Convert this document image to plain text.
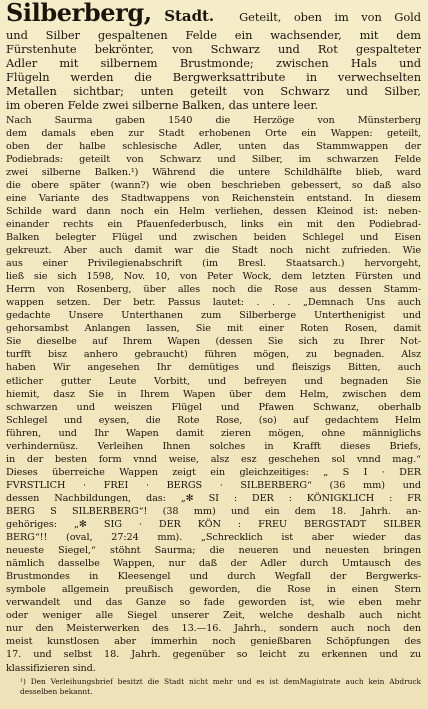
Silberberg, Stadt. Geteilt, oben im von Gold
und Silber gespaltenen Felde ein wachsender, mit dem
Fürstenhute bekrönter, von Schwarz und Rot gespalteter
Adler mit silbernem Brustmonde; zwischen Hals und
Flügeln werden die Bergwerksattribute in verwechselten
Metallen sichtbar; unten geteilt von Schwarz und Silber,
im oberen Felde zwei silberne Balken, das untere leer.
Nach Saurma gaben 1540 die Herzöge von Münsterberg
dem damals eben zur Stadt erhobenen Orte ein Wappen: geteilt,
oben der halbe schlesische Adler, unten das Stammwappen der
Podiebrads: geteilt von Schwarz und Silber, im schwarzen Felde
zwei silberne Balken.¹) Während die untere Schildhälfte blieb, ward
die obere später (wann?) wie oben beschrieben gebessert, so daß also
eine Variante des Stadtwappens von Reichenstein entstand. In diesem
Schilde ward dann noch ein Helm verliehen, dessen Kleinod ist: neben-
einander rechts ein Pfauenfederbusch, links ein mit den Podiebrad-
Balken belegter Flügel und zwischen beiden Schlegel und Eisen
gekreuzt. Aber auch damit war die Stadt noch nicht zufrieden. Wie
aus einer Privilegienabschrift (im Bresl. Staatsarch.) hervorgeht,
ließ sie sich 1598, Nov. 10, von Peter Wock, dem letzten Fürsten und
Herrn von Rosenberg, über alles noch die Rose aus dessen Stamm-
wappen setzen. Der betr. Passus lautet: . . . „Demnach Uns auch
gedachte Unsere Unterthanen zum Silberberge Unterthenigist und
gehorsambst Anlangen lassen, Sie mit einer Roten Rosen, damit
Sie dieselbe auf Ihrem Wapen (dessen Sie sich zu Ihrer Not-
turfft bisz anhero gebraucht) führen mögen, zu begnaden. Alsz
haben Wir angesehen Ihr demütiges und fleiszigs Bitten, auch
etlicher gutter Leute Vorbitt, und befreyen und begnaden Sie
hiemit, dasz Sie in Ihrem Wapen über dem Helm, zwischen dem
schwarzen und weiszen Flügel und Pfawen Schwanz, oberhalb
Schlegel und eysen, die Rote Rose, (so) auf gedachtem Helm
führen, und Ihr Wapen damit zieren mögen, ohne männiglichs
verhindernüsz. Verleihen Ihnen solches in Krafft dieses Briefs,
in der besten form vnnd weise, alsz esz geschehen sol vnnd mag.“
Dieses überreiche Wappen zeigt ein gleichzeitiges: „ S I · DER
FVRSTLICH · FREI · BERGS · SILBERBERG“ (36 mm) und
dessen Nachbildungen, das: „✻ SI : DER : KÖNIGKLICH : FR
BERG S SILBERBERG“! (38 mm) und ein dem 18. Jahrh. an-
gehöriges: „✻ SIG · DER KÖN : FREU BERGSTADT SILBER
BERG“!! (oval, 27:24 mm). „Schrecklich ist aber wieder das
neueste Siegel,“ stöhnt Saurma; die neueren und neuesten bringen
nämlich dasselbe Wappen, nur daß der Adler durch Umtausch des
Brustmondes in Kleesengel und durch Wegfall der Bergwerks-
symbole allgemein preußisch geworden, die Rose in einen Stern
verwandelt und das Ganze so fade geworden ist, wie eben mehr
oder weniger alle Siegel unserer Zeit, welche deshalb auch nicht
nur den Meisterwerken des 13.—16. Jahrh., sondern auch noch den
meist kunstlosen aber immerhin noch genießbaren Schöpfungen des
17. und selbst 18. Jahrh. gegenüber so leicht zu erkennen und zu
klassifizieren sind.
¹) Den Verleihungsbrief besitzt die Stadt nicht mehr und es ist demMagistrate auch kein Abdruck desselben bekannt.
